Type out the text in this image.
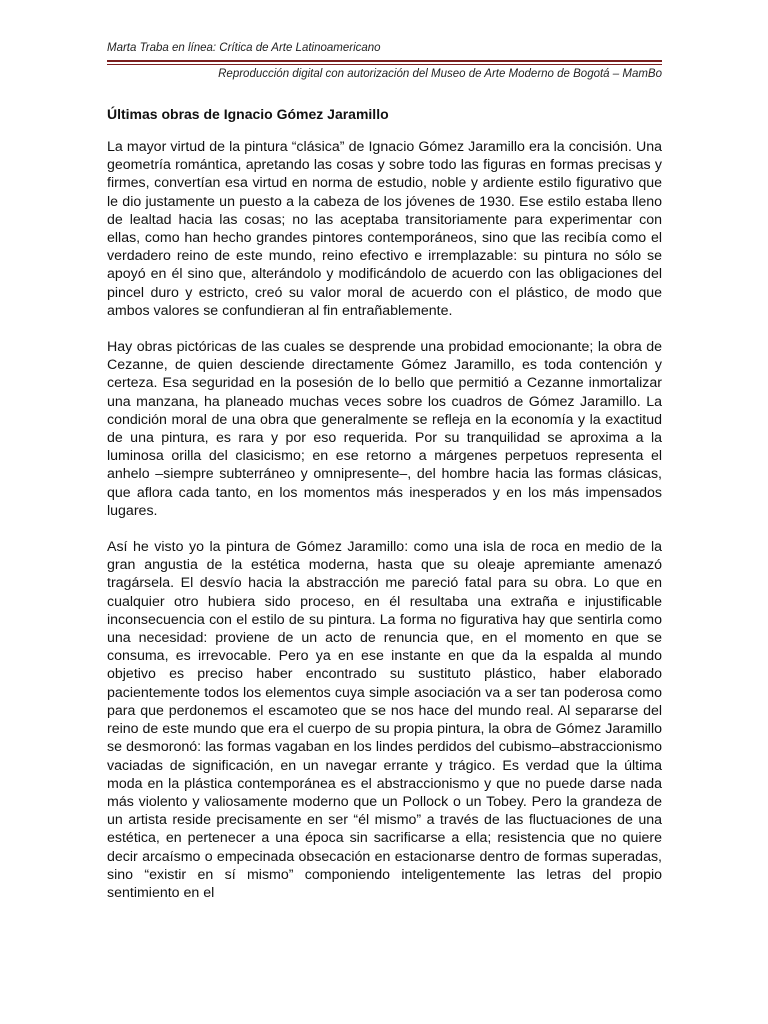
Marta Traba en línea: Crítica de Arte Latinoamericano
Reproducción digital con autorización del Museo de Arte Moderno de Bogotá – MamBo
Últimas obras de Ignacio Gómez Jaramillo

La mayor virtud de la pintura “clásica” de Ignacio Gómez Jaramillo era la concisión. Una geometría romántica, apretando las cosas y sobre todo las figuras en formas precisas y firmes, convertían esa virtud en norma de estudio, noble y ardiente estilo figurativo que le dio justamente un puesto a la cabeza de los jóvenes de 1930. Ese estilo estaba lleno de lealtad hacia las cosas; no las aceptaba transitoriamente para experimentar con ellas, como han hecho grandes pintores contemporáneos, sino que las recibía como el verdadero reino de este mundo, reino efectivo e irremplazable: su pintura no sólo se apoyó en él sino que, alterándolo y modificándolo de acuerdo con las obligaciones del pincel duro y estricto, creó su valor moral de acuerdo con el plástico, de modo que ambos valores se confundieran al fin entrañablemente.

Hay obras pictóricas de las cuales se desprende una probidad emocionante; la obra de Cezanne, de quien desciende directamente Gómez Jaramillo, es toda contención y certeza. Esa seguridad en la posesión de lo bello que permitió a Cezanne inmortalizar una manzana, ha planeado muchas veces sobre los cuadros de Gómez Jaramillo. La condición moral de una obra que generalmente se refleja en la economía y la exactitud de una pintura, es rara y por eso requerida. Por su tranquilidad se aproxima a la luminosa orilla del clasicismo; en ese retorno a márgenes perpetuos representa el anhelo –siempre subterráneo y omnipresente–, del hombre hacia las formas clásicas, que aflora cada tanto, en los momentos más inesperados y en los más impensados lugares.

Así he visto yo la pintura de Gómez Jaramillo: como una isla de roca en medio de la gran angustia de la estética moderna, hasta que su oleaje apremiante amenazó tragársela. El desvío hacia la abstracción me pareció fatal para su obra. Lo que en cualquier otro hubiera sido proceso, en él resultaba una extraña e injustificable inconsecuencia con el estilo de su pintura. La forma no figurativa hay que sentirla como una necesidad: proviene de un acto de renuncia que, en el momento en que se consuma, es irrevocable. Pero ya en ese instante en que da la espalda al mundo objetivo es preciso haber encontrado su sustituto plástico, haber elaborado pacientemente todos los elementos cuya simple asociación va a ser tan poderosa como para que perdonemos el escamoteo que se nos hace del mundo real. Al separarse del reino de este mundo que era el cuerpo de su propia pintura, la obra de Gómez Jaramillo se desmoronó: las formas vagaban en los lindes perdidos del cubismo–abstraccionismo vaciadas de significación, en un navegar errante y trágico. Es verdad que la última moda en la plástica contemporánea es el abstraccionismo y que no puede darse nada más violento y valiosamente moderno que un Pollock o un Tobey. Pero la grandeza de un artista reside precisamente en ser “él mismo” a través de las fluctuaciones de una estética, en pertenecer a una época sin sacrificarse a ella; resistencia que no quiere decir arcaísmo o empecinada obsecación en estacionarse dentro de formas superadas, sino “existir en sí mismo” componiendo inteligentemente las letras del propio sentimiento en el
